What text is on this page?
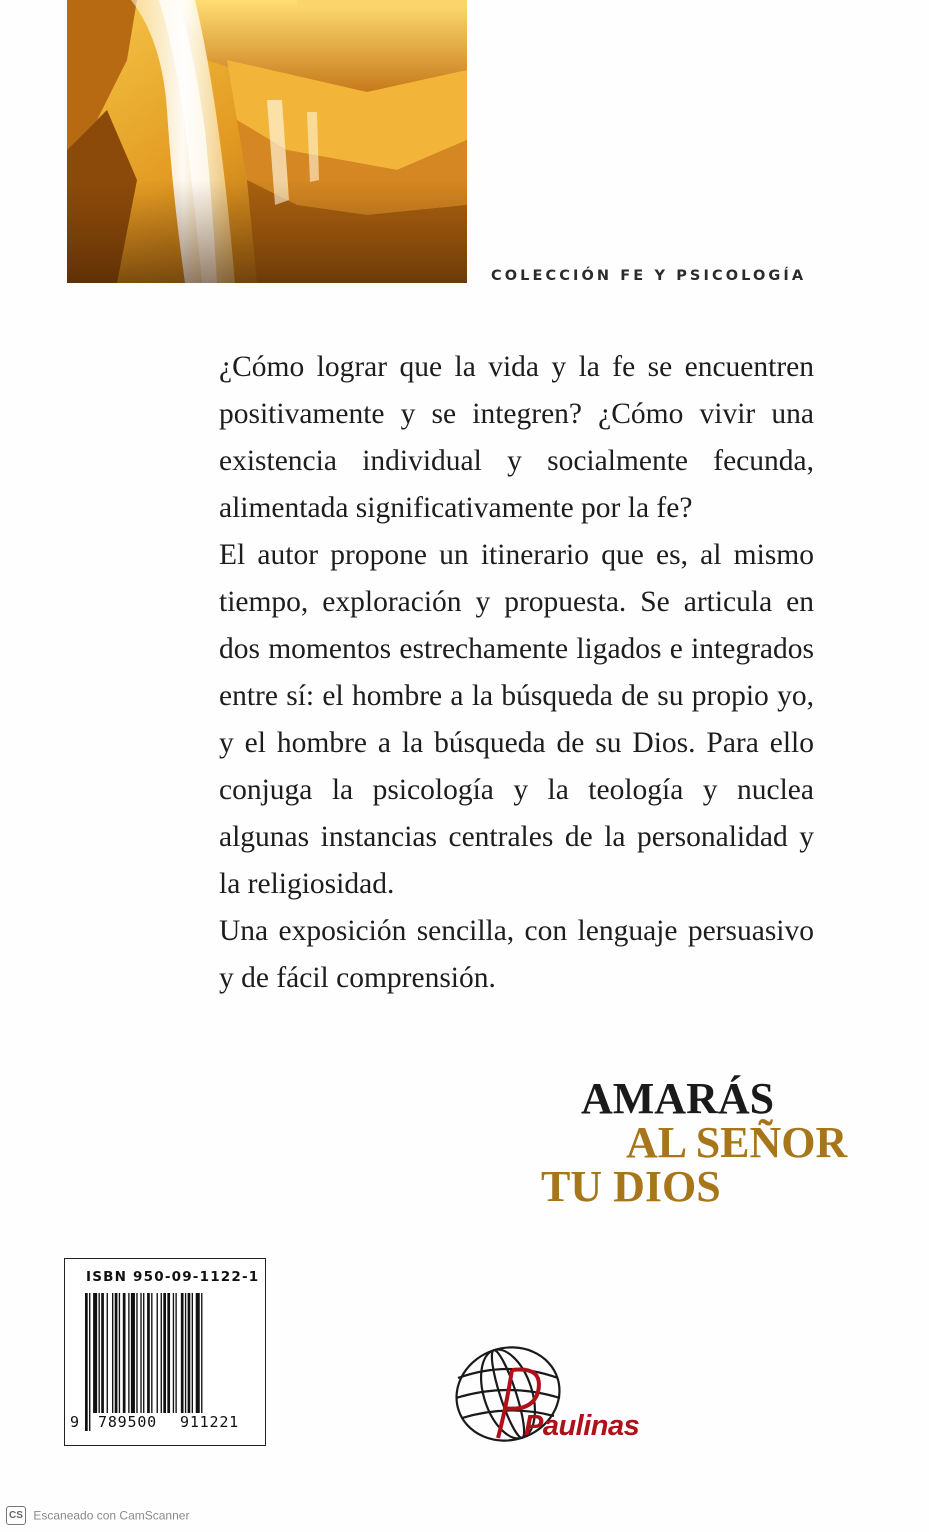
COLECCIÓN FE Y PSICOLOGÍA

¿Cómo lograr que la vida y la fe se encuentren positivamente y se integren? ¿Cómo vivir una existencia individual y socialmente fecunda, alimentada significativamente por la fe?

El autor propone un itinerario que es, al mismo tiempo, exploración y propuesta. Se articula en dos momentos estrechamente ligados e integrados entre sí: el hombre a la búsqueda de su propio yo, y el hombre a la búsqueda de su Dios. Para ello conjuga la psicología y la teología y nuclea algunas instancias centrales de la personalidad y la religiosidad.

Una exposición sencilla, con lenguaje persuasivo y de fácil comprensión.

AMARÁS
AL SEÑOR
TU DIOS
ISBN 950-09-1122-1
9 789500 911221	Paulinas
CS Escaneado con CamScanner
